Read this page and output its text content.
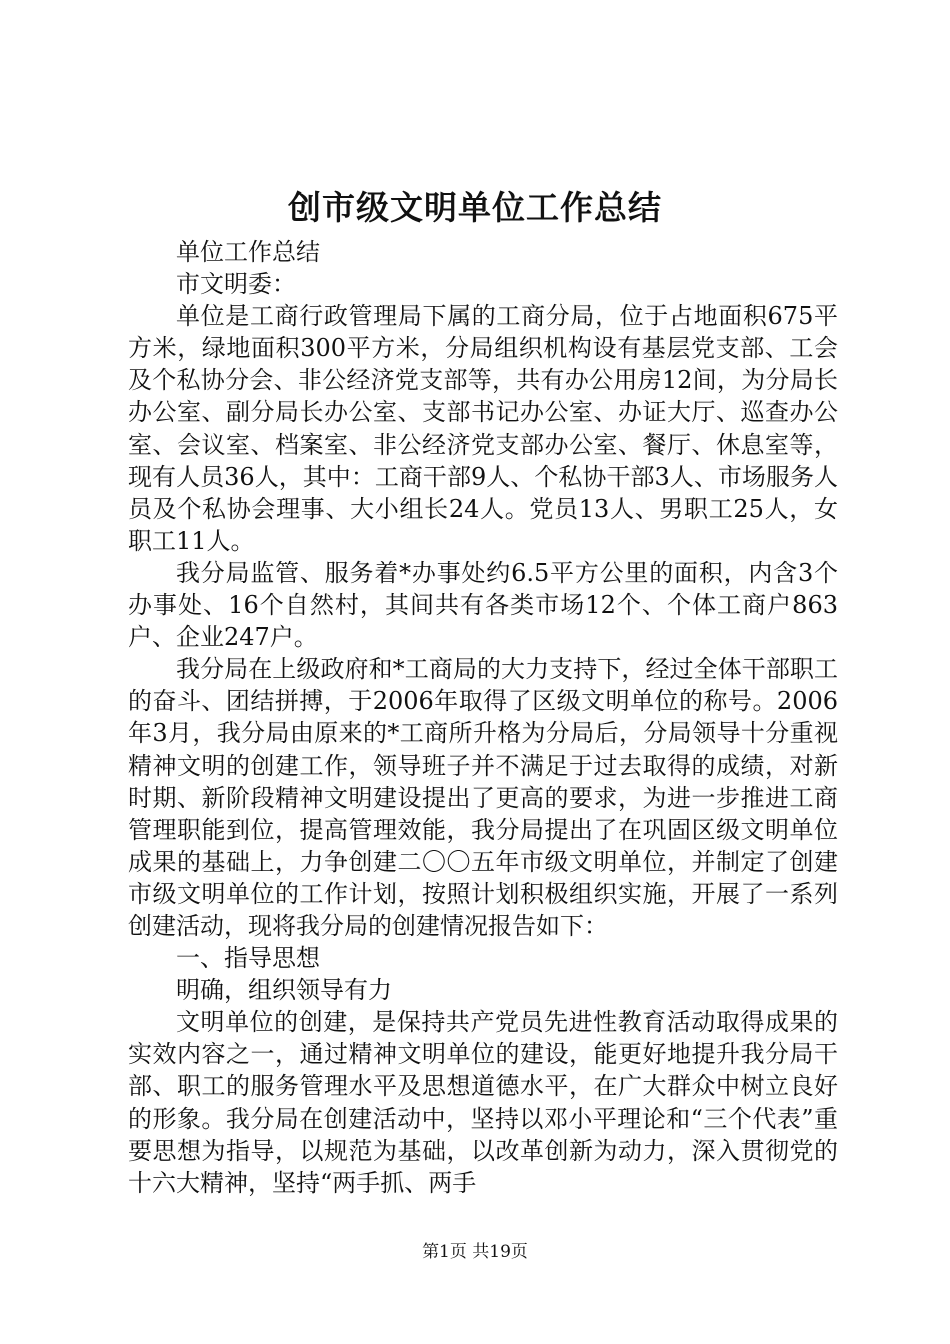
创市级文明单位工作总结

单位工作总结

市文明委：

单位是工商行政管理局下属的工商分局，位于占地面积675平方米，绿地面积300平方米，分局组织机构设有基层党支部、工会及个私协分会、非公经济党支部等，共有办公用房12间，为分局长办公室、副分局长办公室、支部书记办公室、办证大厅、巡查办公室、会议室、档案室、非公经济党支部办公室、餐厅、休息室等，现有人员36人，其中：工商干部9人、个私协干部3人、市场服务人员及个私协会理事、大小组长24人。党员13人、男职工25人，女职工11人。

我分局监管、服务着*办事处约6.5平方公里的面积，内含3个办事处、16个自然村，其间共有各类市场12个、个体工商户863户、企业247户。

我分局在上级政府和*工商局的大力支持下，经过全体干部职工的奋斗、团结拼搏，于2006年取得了区级文明单位的称号。2006年3月，我分局由原来的*工商所升格为分局后，分局领导十分重视精神文明的创建工作，领导班子并不满足于过去取得的成绩，对新时期、新阶段精神文明建设提出了更高的要求，为进一步推进工商管理职能到位，提高管理效能，我分局提出了在巩固区级文明单位成果的基础上，力争创建二〇〇五年市级文明单位，并制定了创建市级文明单位的工作计划，按照计划积极组织实施，开展了一系列创建活动，现将我分局的创建情况报告如下：

一、指导思想

明确，组织领导有力

文明单位的创建，是保持共产党员先进性教育活动取得成果的实效内容之一，通过精神文明单位的建设，能更好地提升我分局干部、职工的服务管理水平及思想道德水平，在广大群众中树立良好的形象。我分局在创建活动中，坚持以邓小平理论和“三个代表”重要思想为指导，以规范为基础，以改革创新为动力，深入贯彻党的十六大精神，坚持“两手抓、两手

第1页 共19页
